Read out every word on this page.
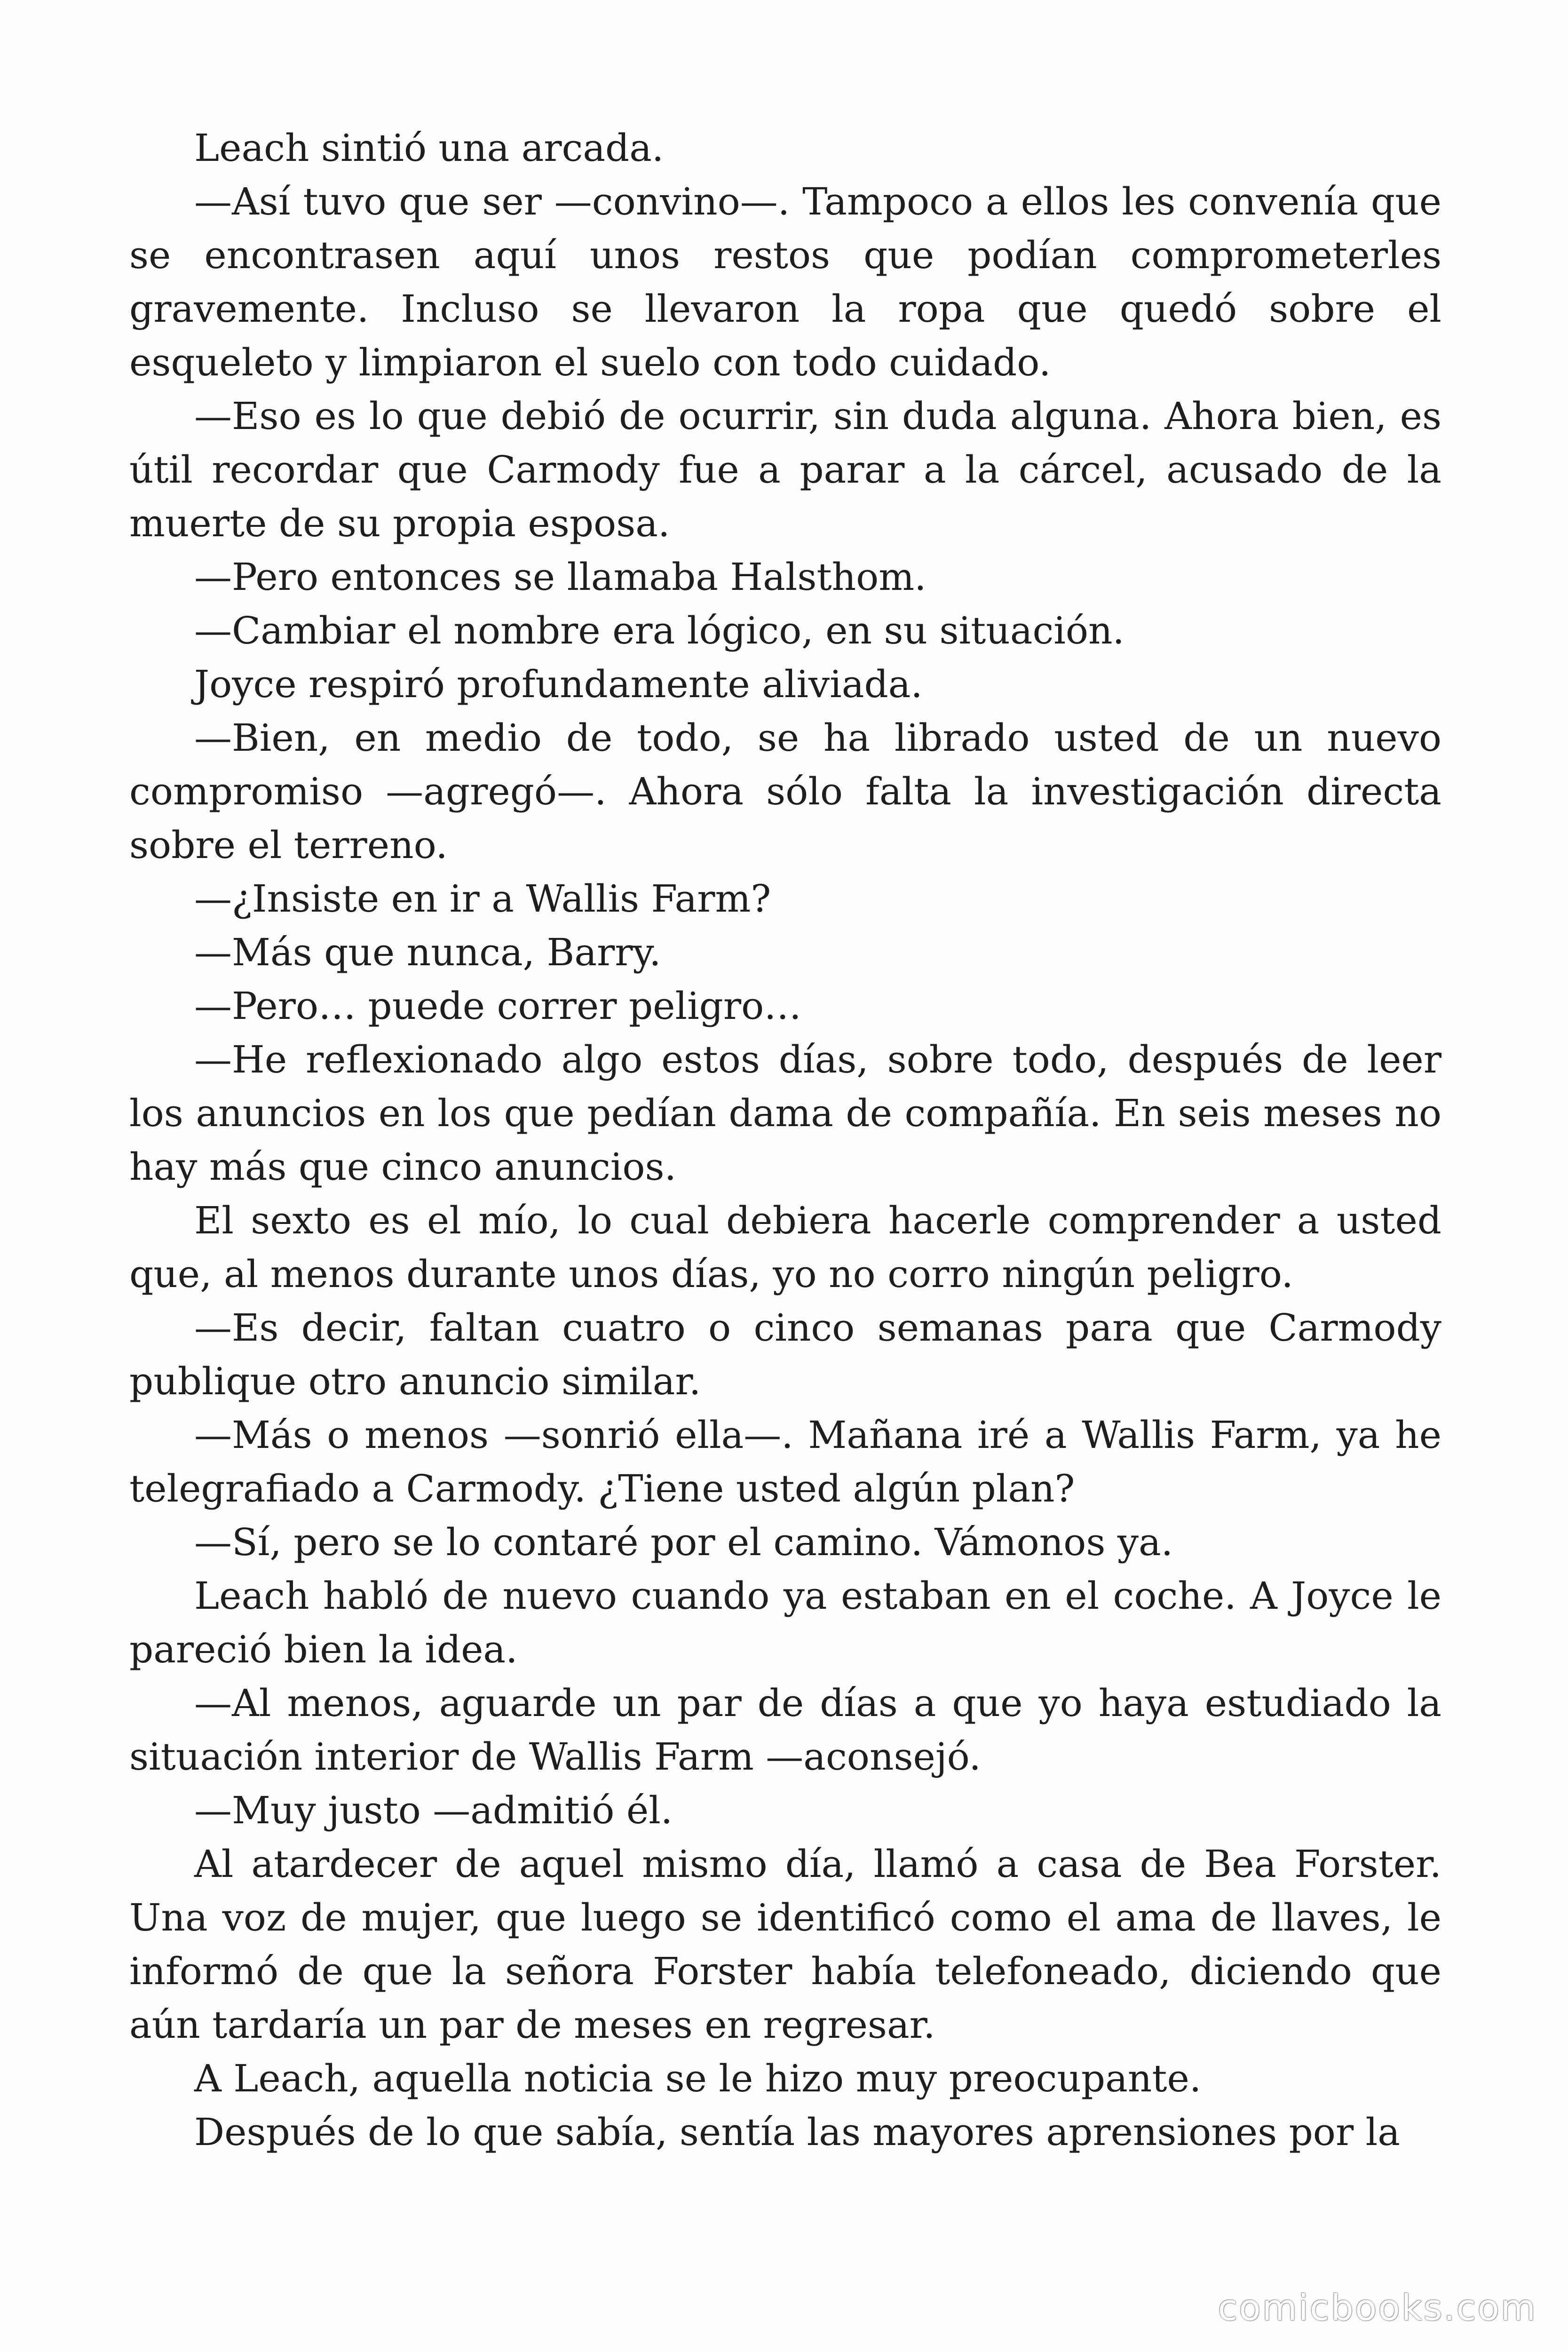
Leach sintió una arcada.

—Así tuvo que ser —convino—. Tampoco a ellos les convenía que se encontrasen aquí unos restos que podían comprometerles gravemente. Incluso se llevaron la ropa que quedó sobre el esqueleto y limpiaron el suelo con todo cuidado.

—Eso es lo que debió de ocurrir, sin duda alguna. Ahora bien, es útil recordar que Carmody fue a parar a la cárcel, acusado de la muerte de su propia esposa.

—Pero entonces se llamaba Halsthom.

—Cambiar el nombre era lógico, en su situación.

Joyce respiró profundamente aliviada.

—Bien, en medio de todo, se ha librado usted de un nuevo compromiso —agregó—. Ahora sólo falta la investigación directa sobre el terreno.

—¿Insiste en ir a Wallis Farm?

—Más que nunca, Barry.

—Pero… puede correr peligro…

—He reflexionado algo estos días, sobre todo, después de leer los anuncios en los que pedían dama de compañía. En seis meses no hay más que cinco anuncios.

El sexto es el mío, lo cual debiera hacerle comprender a usted que, al menos durante unos días, yo no corro ningún peligro.

—Es decir, faltan cuatro o cinco semanas para que Carmody publique otro anuncio similar.

—Más o menos —sonrió ella—. Mañana iré a Wallis Farm, ya he telegrafiado a Carmody. ¿Tiene usted algún plan?

—Sí, pero se lo contaré por el camino. Vámonos ya.

Leach habló de nuevo cuando ya estaban en el coche. A Joyce le pareció bien la idea.

—Al menos, aguarde un par de días a que yo haya estudiado la situación interior de Wallis Farm —aconsejó.

—Muy justo —admitió él.

Al atardecer de aquel mismo día, llamó a casa de Bea Forster. Una voz de mujer, que luego se identificó como el ama de llaves, le informó de que la señora Forster había telefoneado, diciendo que aún tardaría un par de meses en regresar.

A Leach, aquella noticia se le hizo muy preocupante.

Después de lo que sabía, sentía las mayores aprensiones por la

comicbooks.com
